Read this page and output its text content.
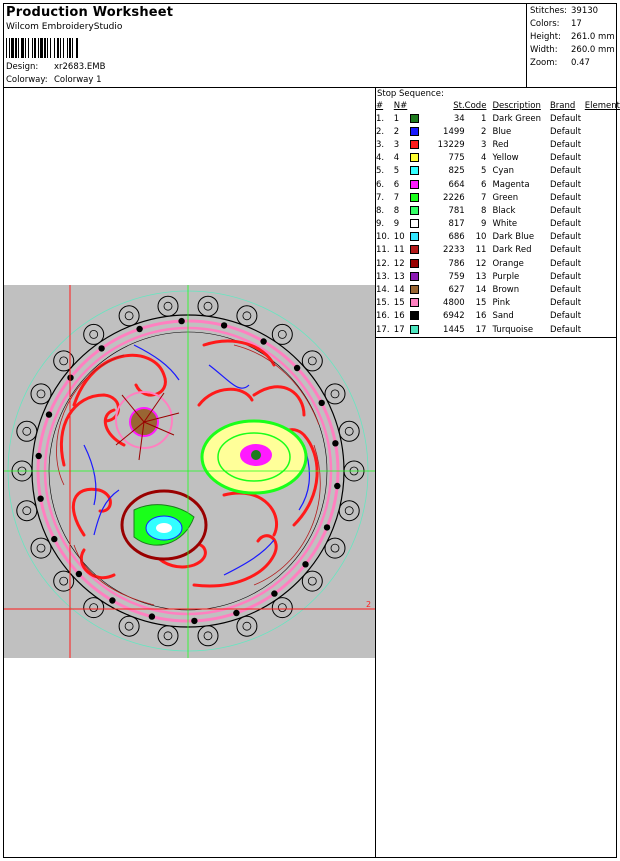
Production Worksheet
Wilcom EmbroideryStudio
Design: xr2683.EMB
Colorway: Colorway 1
Stitches: 39130
Colors:	17
Height:	261.0 mm
Width:	260.0 mm
Zoom:	0.47
Stop Sequence:
#	N#		St.	Code	Description	Brand	Element
1.	1		34	1	Dark Green	Default	
2.	2		1499	2	Blue	Default	
3.	3		13229	3	Red	Default	
4.	4		775	4	Yellow	Default	
5.	5		825	5	Cyan	Default	
6.	6		664	6	Magenta	Default	
7.	7		2226	7	Green	Default	
8.	8		781	8	Black	Default	
9.	9		817	9	White	Default	
10.	10		686	10	Dark Blue	Default	
11.	11		2233	11	Dark Red	Default	
12.	12		786	12	Orange	Default	
13.	13		759	13	Purple	Default	
14.	14		627	14	Brown	Default	
15.	15		4800	15	Pink	Default	
16.	16		6942	16	Sand	Default	
17.	17		1445	17	Turquoise	Default	
2
